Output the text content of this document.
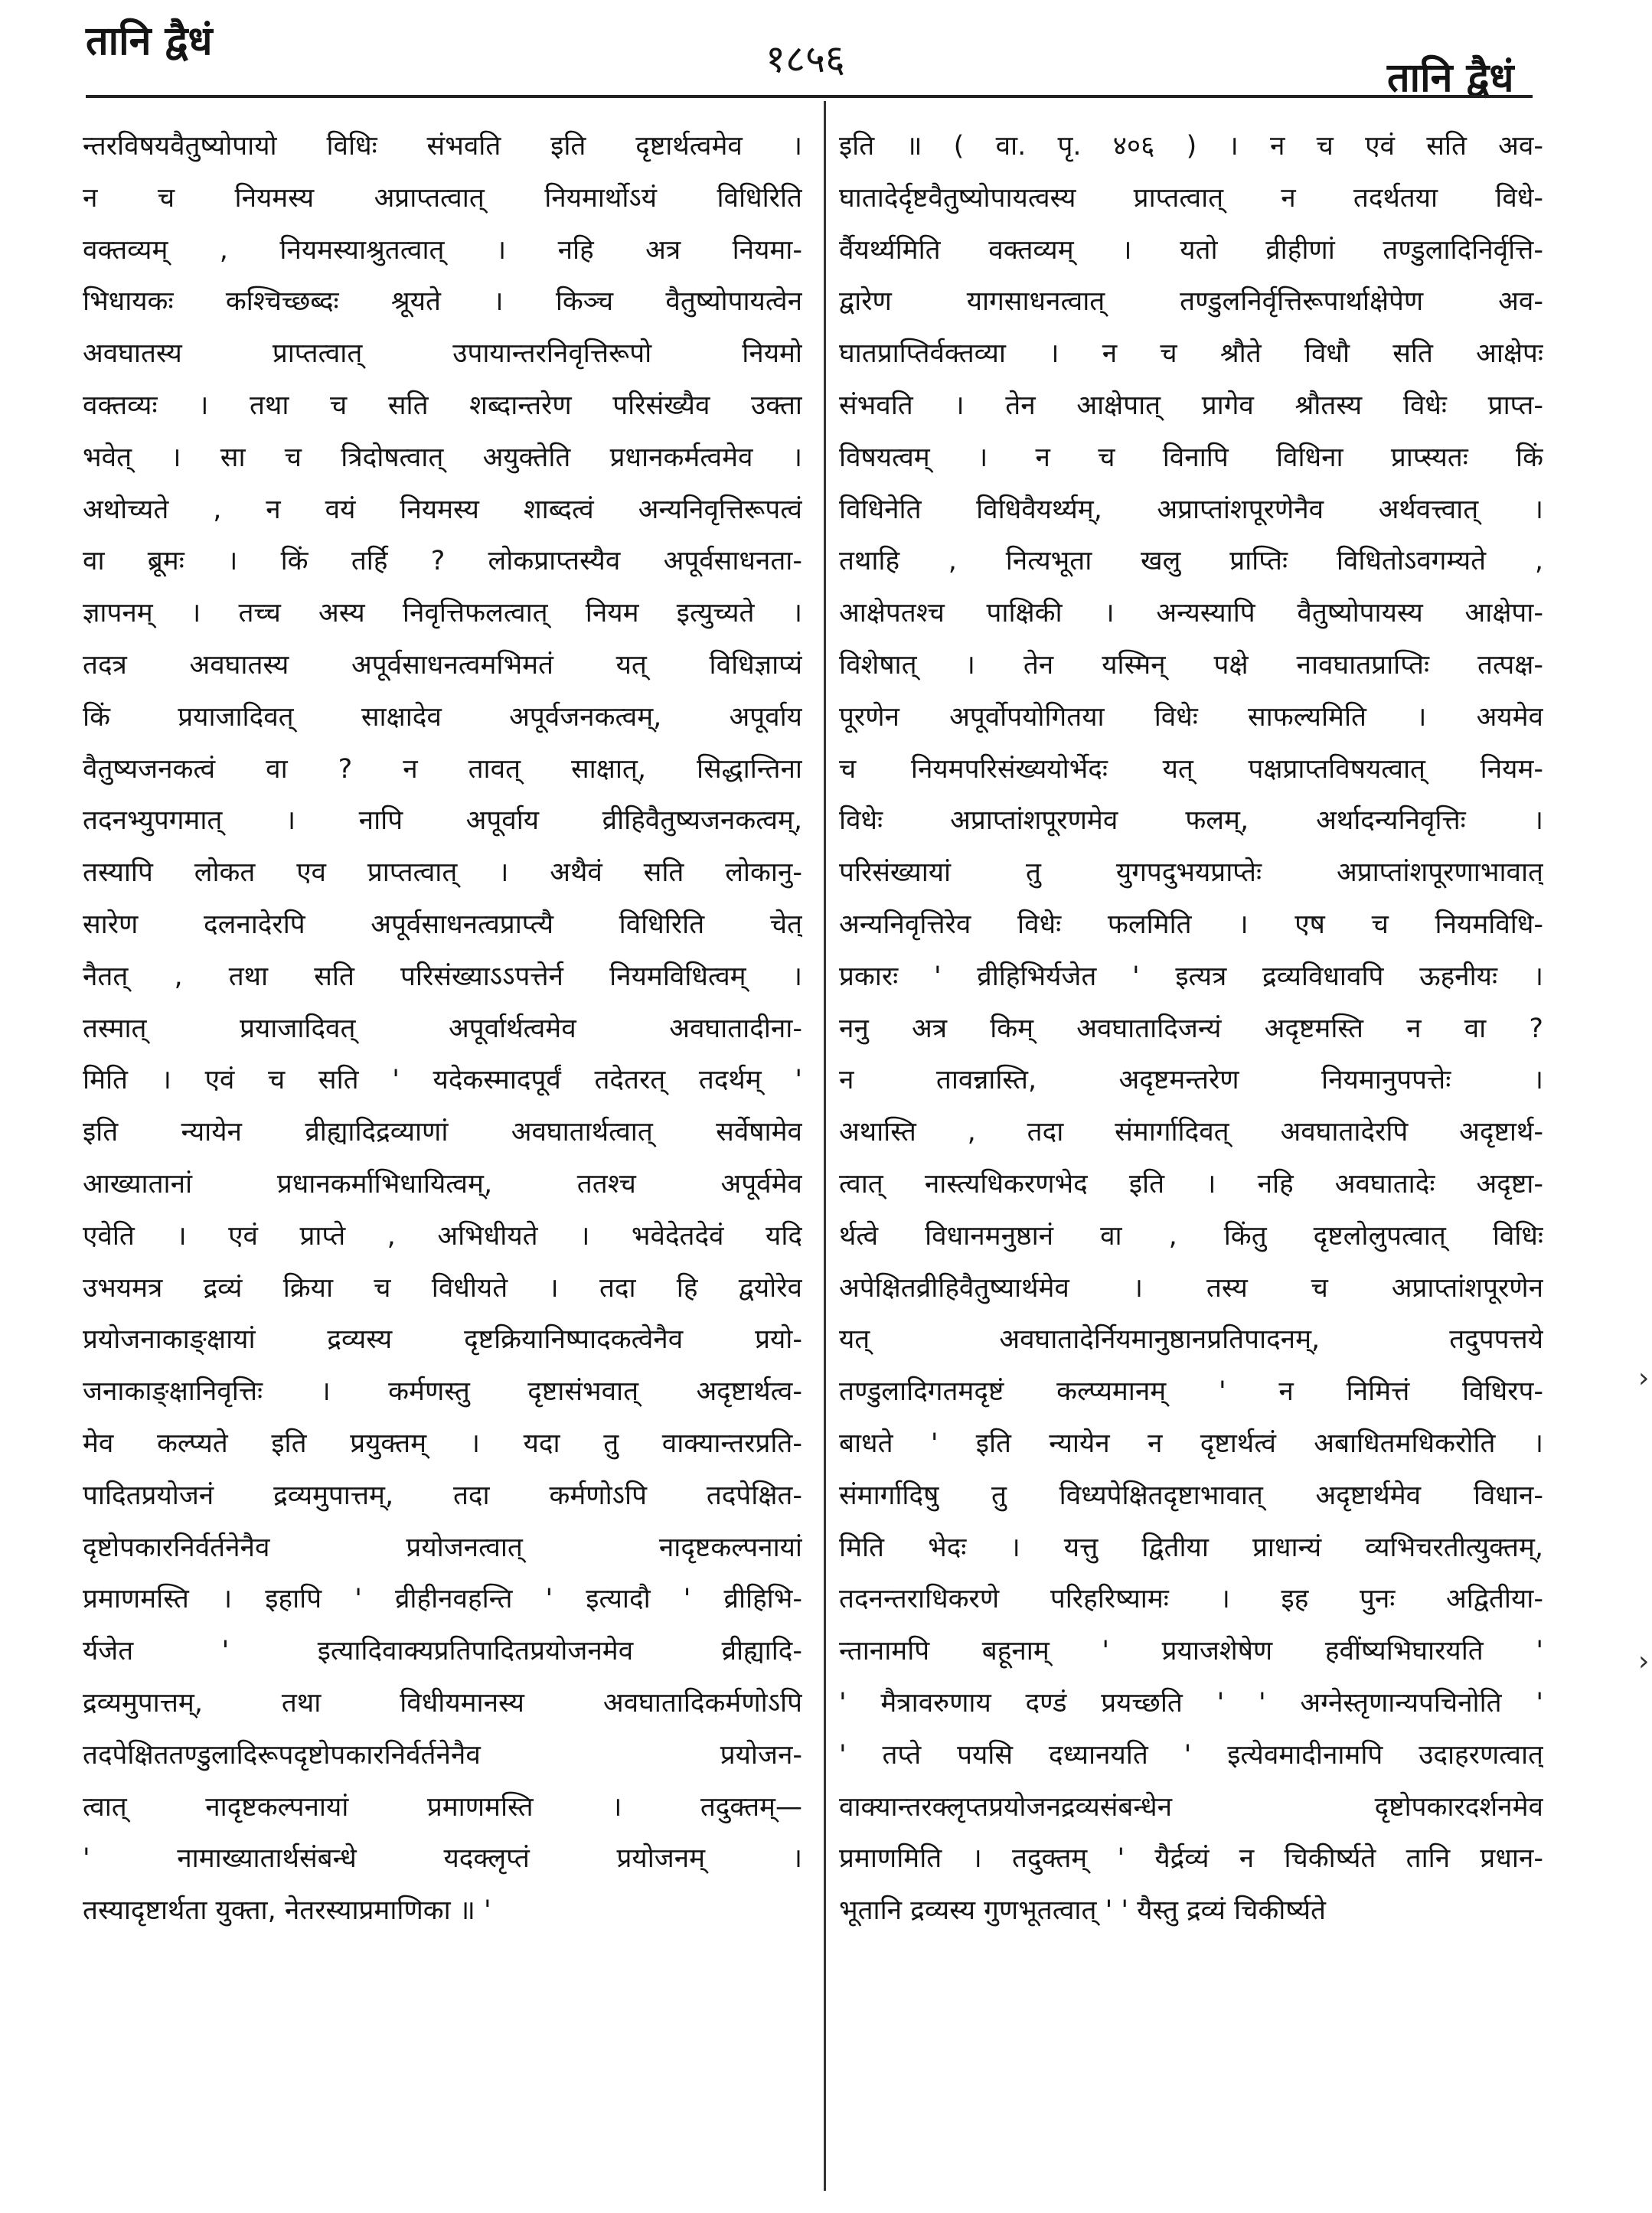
तानि द्वैधं	१८५६	तानि द्वैधं
न्तरविषयवैतुष्योपायो विधिः संभवति इति दृष्टार्थत्वमेव ।
न च नियमस्य अप्राप्तत्वात् नियमार्थोऽयं विधिरिति
वक्तव्यम् , नियमस्याश्रुतत्वात् । नहि अत्र नियमा-
भिधायकः कश्चिच्छब्दः श्रूयते । किञ्च वैतुष्योपायत्वेन
अवघातस्य प्राप्तत्वात् उपायान्तरनिवृत्तिरूपो नियमो
वक्तव्यः । तथा च सति शब्दान्तरेण परिसंख्यैव उक्ता
भवेत् । सा च त्रिदोषत्वात् अयुक्तेति प्रधानकर्मत्वमेव ।
अथोच्यते , न वयं नियमस्य शाब्दत्वं अन्यनिवृत्तिरूपत्वं
वा ब्रूमः । किं तर्हि ? लोकप्राप्तस्यैव अपूर्वसाधनता-
ज्ञापनम् । तच्च अस्य निवृत्तिफलत्वात् नियम इत्युच्यते ।
तदत्र अवघातस्य अपूर्वसाधनत्वमभिमतं यत् विधिज्ञाप्यं
किं प्रयाजादिवत् साक्षादेव अपूर्वजनकत्वम्, अपूर्वाय
वैतुष्यजनकत्वं वा ? न तावत् साक्षात्, सिद्धान्तिना
तदनभ्युपगमात् । नापि अपूर्वाय व्रीहिवैतुष्यजनकत्वम्,
तस्यापि लोकत एव प्राप्तत्वात् । अथैवं सति लोकानु-
सारेण दलनादेरपि अपूर्वसाधनत्वप्राप्त्यै विधिरिति चेत्
नैतत् , तथा सति परिसंख्याऽऽपत्तेर्न नियमविधित्वम् ।
तस्मात् प्रयाजादिवत् अपूर्वार्थत्वमेव अवघातादीना-
मिति । एवं च सति ' यदेकस्मादपूर्वं तदेतरत् तदर्थम् '
इति न्यायेन व्रीह्यादिद्रव्याणां अवघातार्थत्वात् सर्वेषामेव
आख्यातानां प्रधानकर्माभिधायित्वम्, ततश्च अपूर्वमेव
एवेति । एवं प्राप्ते , अभिधीयते । भवेदेतदेवं यदि
उभयमत्र द्रव्यं क्रिया च विधीयते । तदा हि द्वयोरेव
प्रयोजनाकाङ्क्षायां द्रव्यस्य दृष्टक्रियानिष्पादकत्वेनैव प्रयो-
जनाकाङ्क्षानिवृत्तिः । कर्मणस्तु दृष्टासंभवात् अदृष्टार्थत्व-
मेव कल्प्यते इति प्रयुक्तम् । यदा तु वाक्यान्तरप्रति-
पादितप्रयोजनं द्रव्यमुपात्तम्, तदा कर्मणोऽपि तदपेक्षित-
दृष्टोपकारनिर्वर्तनेनैव प्रयोजनत्वात् नादृष्टकल्पनायां
प्रमाणमस्ति । इहापि ' व्रीहीनवहन्ति ' इत्यादौ ' व्रीहिभि-
र्यजेत ' इत्यादिवाक्यप्रतिपादितप्रयोजनमेव व्रीह्यादि-
द्रव्यमुपात्तम्, तथा विधीयमानस्य अवघातादिकर्मणोऽपि
तदपेक्षिततण्डुलादिरूपदृष्टोपकारनिर्वर्तनेनैव प्रयोजन-
त्वात् नादृष्टकल्पनायां प्रमाणमस्ति । तदुक्तम्—
' नामाख्यातार्थसंबन्धे यदक्लृप्तं प्रयोजनम् ।
तस्यादृष्टार्थता युक्ता, नेतरस्याप्रमाणिका ॥ '
इति ॥ ( वा. पृ. ४०६ ) । न च एवं सति अव-
घातादेर्दृष्टवैतुष्योपायत्वस्य प्राप्तत्वात् न तदर्थतया विधे-
र्वैयर्थ्यमिति वक्तव्यम् । यतो व्रीहीणां तण्डुलादिनिर्वृत्ति-
द्वारेण यागसाधनत्वात् तण्डुलनिर्वृत्तिरूपार्थाक्षेपेण अव-
घातप्राप्तिर्वक्तव्या । न च श्रौते विधौ सति आक्षेपः
संभवति । तेन आक्षेपात् प्रागेव श्रौतस्य विधेः प्राप्त-
विषयत्वम् । न च विनापि विधिना प्राप्स्यतः किं
विधिनेति विधिवैयर्थ्यम्, अप्राप्तांशपूरणेनैव अर्थवत्त्वात् ।
तथाहि , नित्यभूता खलु प्राप्तिः विधितोऽवगम्यते ,
आक्षेपतश्च पाक्षिकी । अन्यस्यापि वैतुष्योपायस्य आक्षेपा-
विशेषात् । तेन यस्मिन् पक्षे नावघातप्राप्तिः तत्पक्ष-
पूरणेन अपूर्वोपयोगितया विधेः साफल्यमिति । अयमेव
च नियमपरिसंख्ययोर्भेदः यत् पक्षप्राप्तविषयत्वात् नियम-
विधेः अप्राप्तांशपूरणमेव फलम्, अर्थादन्यनिवृत्तिः ।
परिसंख्यायां तु युगपदुभयप्राप्तेः अप्राप्तांशपूरणाभावात्
अन्यनिवृत्तिरेव विधेः फलमिति । एष च नियमविधि-
प्रकारः ' व्रीहिभिर्यजेत ' इत्यत्र द्रव्यविधावपि ऊहनीयः ।
ननु अत्र किम् अवघातादिजन्यं अदृष्टमस्ति न वा ?
न तावन्नास्ति, अदृष्टमन्तरेण नियमानुपपत्तेः ।
अथास्ति , तदा संमार्गादिवत् अवघातादेरपि अदृष्टार्थ-
त्वात् नास्त्यधिकरणभेद इति । नहि अवघातादेः अदृष्टा-
र्थत्वे विधानमनुष्ठानं वा , किंतु दृष्टलोलुपत्वात् विधिः
अपेक्षितव्रीहिवैतुष्यार्थमेव । तस्य च अप्राप्तांशपूरणेन
यत् अवघातादेर्नियमानुष्ठानप्रतिपादनम्, तदुपपत्तये
तण्डुलादिगतमदृष्टं कल्प्यमानम् ' न निमित्तं विधिरप-
बाधते ' इति न्यायेन न दृष्टार्थत्वं अबाधितमधिकरोति ।
संमार्गादिषु तु विध्यपेक्षितदृष्टाभावात् अदृष्टार्थमेव विधान-
मिति भेदः । यत्तु द्वितीया प्राधान्यं व्यभिचरतीत्युक्तम्,
तदनन्तराधिकरणे परिहरिष्यामः । इह पुनः अद्वितीया-
न्तानामपि बहूनाम् ' प्रयाजशेषेण हवींष्यभिघारयति '
' मैत्रावरुणाय दण्डं प्रयच्छति ' ' अग्नेस्तृणान्यपचिनोति '
' तप्ते पयसि दध्यानयति ' इत्येवमादीनामपि उदाहरणत्वात्
वाक्यान्तरक्लृप्तप्रयोजनद्रव्यसंबन्धेन दृष्टोपकारदर्शनमेव
प्रमाणमिति । तदुक्तम् ' यैर्द्रव्यं न चिकीर्ष्यते तानि प्रधान-
भूतानि द्रव्यस्य गुणभूतत्वात् ' ' यैस्तु द्रव्यं चिकीर्ष्यते
›
›
